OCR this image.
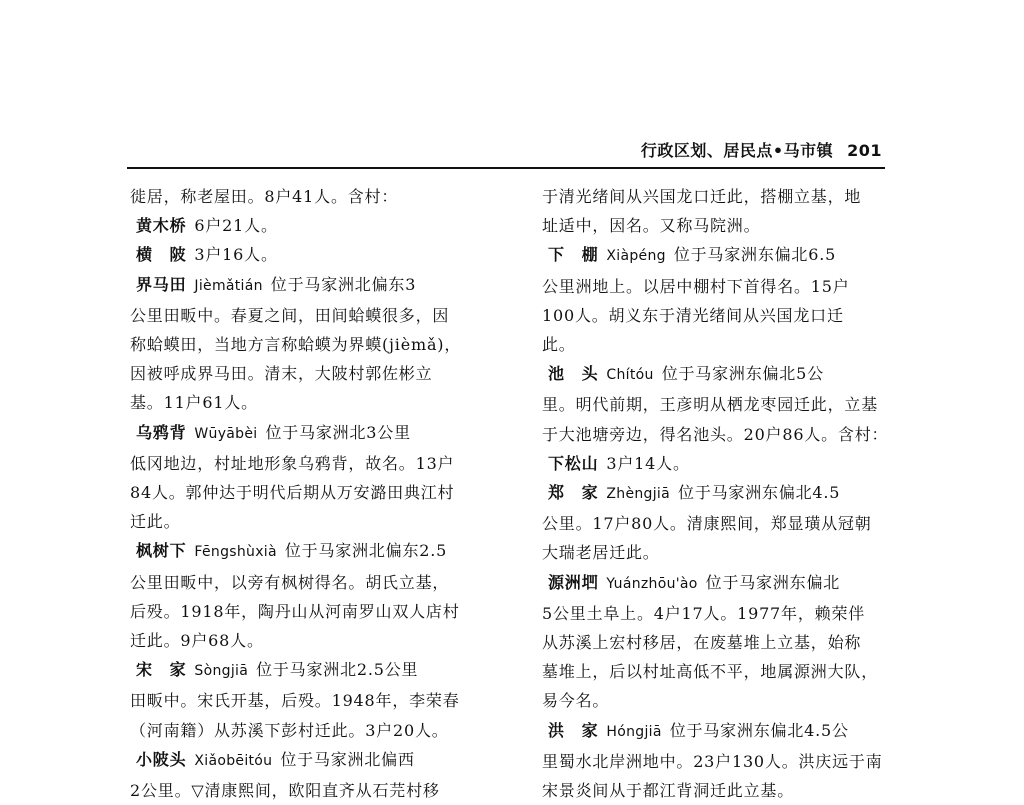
行政区划、居民点•马市镇 201
徙居，称老屋田。8户41人。含村：
黄木桥 6户21人。
横　陂 3户16人。
界马田 Jièmǎtián 位于马家洲北偏东3
公里田畈中。春夏之间，田间蛤蟆很多，因
称蛤蟆田，当地方言称蛤蟆为界蟆(jièmǎ)，
因被呼成界马田。清末，大陂村郭佐彬立
基。11户61人。
乌鸦背 Wūyābèi 位于马家洲北3公里
低冈地边，村址地形象乌鸦背，故名。13户
84人。郭仲达于明代后期从万安潞田典江村
迁此。
枫树下 Fēngshùxià 位于马家洲北偏东2.5
公里田畈中，以旁有枫树得名。胡氏立基，
后殁。1918年，陶丹山从河南罗山双人店村
迁此。9户68人。
宋　家 Sòngjiā 位于马家洲北2.5公里
田畈中。宋氏开基，后殁。1948年，李荣春
（河南籍）从苏溪下彭村迁此。3户20人。
小陂头 Xiǎobēitóu 位于马家洲北偏西
2公里。▽清康熙间，欧阳直齐从石芫村移
于清光绪间从兴国龙口迁此，搭棚立基，地
址适中，因名。又称马院洲。
下　棚 Xiàpéng 位于马家洲东偏北6.5
公里洲地上。以居中棚村下首得名。15户
100人。胡义东于清光绪间从兴国龙口迁
此。
池　头 Chítóu 位于马家洲东偏北5公
里。明代前期，王彦明从栖龙枣园迁此，立基
于大池塘旁边，得名池头。20户86人。含村：
下松山 3户14人。
郑　家 Zhèngjiā 位于马家洲东偏北4.5
公里。17户80人。清康熙间，郑显璜从冠朝
大瑞老居迁此。
源洲垇 Yuánzhōu'ào 位于马家洲东偏北
5公里土阜上。4户17人。1977年，赖荣伴
从苏溪上宏村移居，在废墓堆上立基，始称
墓堆上，后以村址高低不平，地属源洲大队，
易今名。
洪　家 Hóngjiā 位于马家洲东偏北4.5公
里蜀水北岸洲地中。23户130人。洪庆远于南
宋景炎间从于都江背洞迁此立基。
